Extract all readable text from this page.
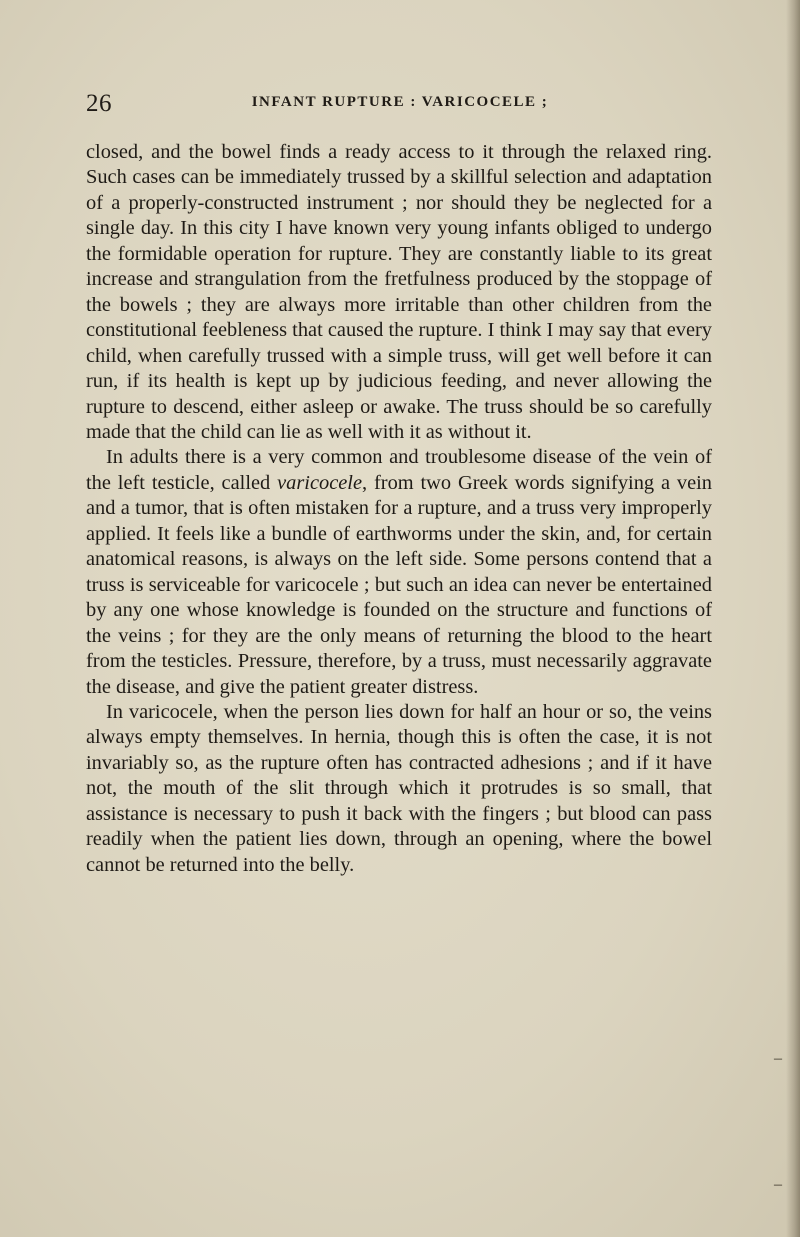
26	INFANT RUPTURE : VARICOCELE ;

closed, and the bowel finds a ready access to it through the relaxed ring. Such cases can be immediately trussed by a skillful selection and adaptation of a properly-constructed instrument ; nor should they be neglected for a single day. In this city I have known very young infants obliged to undergo the formidable operation for rupture. They are constantly liable to its great increase and strangulation from the fretfulness produced by the stoppage of the bowels ; they are always more irritable than other children from the constitutional feebleness that caused the rupture. I think I may say that every child, when carefully trussed with a simple truss, will get well before it can run, if its health is kept up by judicious feeding, and never allowing the rupture to descend, either asleep or awake. The truss should be so carefully made that the child can lie as well with it as without it.

In adults there is a very common and troublesome disease of the vein of the left testicle, called varicocele, from two Greek words signifying a vein and a tumor, that is often mistaken for a rupture, and a truss very improperly applied. It feels like a bundle of earthworms under the skin, and, for certain anatomical reasons, is always on the left side. Some persons contend that a truss is serviceable for varicocele ; but such an idea can never be entertained by any one whose knowledge is founded on the structure and functions of the veins ; for they are the only means of returning the blood to the heart from the testicles. Pressure, therefore, by a truss, must necessarily aggravate the disease, and give the patient greater distress.

In varicocele, when the person lies down for half an hour or so, the veins always empty themselves. In hernia, though this is often the case, it is not invariably so, as the rupture often has contracted adhesions ; and if it have not, the mouth of the slit through which it protrudes is so small, that assistance is necessary to push it back with the fingers ; but blood can pass readily when the patient lies down, through an opening, where the bowel cannot be returned into the belly.

–
–
